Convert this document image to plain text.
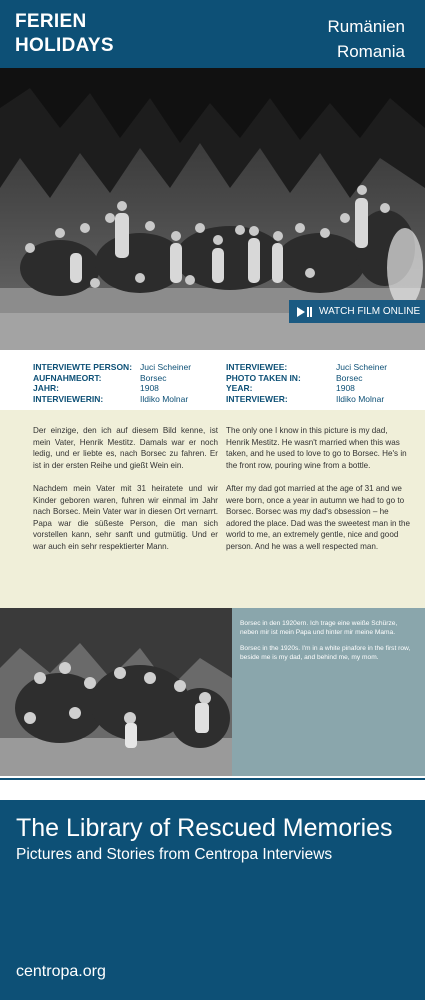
FERIEN
HOLIDAYS
Rumänien
Romania
WATCH FILM ONLINE
INTERVIEWTE PERSON:
AUFNAHMEORT:
JAHR:
INTERVIEWERIN:
Juci Scheiner
Borsec
1908
Ildiko Molnar
INTERVIEWEE:
PHOTO TAKEN IN:
YEAR:
INTERVIEWER:
Juci Scheiner
Borsec
1908
Ildiko Molnar

Der einzige, den ich auf diesem Bild kenne, ist mein Vater, Henrik Mestitz. Damals war er noch ledig, und er liebte es, nach Borsec zu fahren. Er ist in der ersten Reihe und gießt Wein ein.

Nachdem mein Vater mit 31 heiratete und wir Kinder geboren waren, fuhren wir einmal im Jahr nach Borsec. Mein Vater war in diesen Ort vernarrt. Papa war die süßeste Person, die man sich vorstellen kann, sehr sanft und gutmütig. Und er war auch ein sehr respektierter Mann.

The only one I know in this picture is my dad, Henrik Mestitz. He wasn't married when this was taken, and he used to love to go to Borsec. He's in the front row, pouring wine from a bottle.

After my dad got married at the age of 31 and we were born, once a year in autumn we had to go to Borsec. Borsec was my dad's obsession – he adored the place. Dad was the sweetest man in the world to me, an extremely gentle, nice and good person. And he was a well respected man.

Borsec in den 1920ern. Ich trage eine weiße Schürze, neben mir ist mein Papa und hinter mir meine Mama.

Borsec in the 1920s. I'm in a white pinafore in the first row, beside me is my dad, and behind me, my mom.

The Library of Rescued Memories
Pictures and Stories from Centropa Interviews
centropa.org
